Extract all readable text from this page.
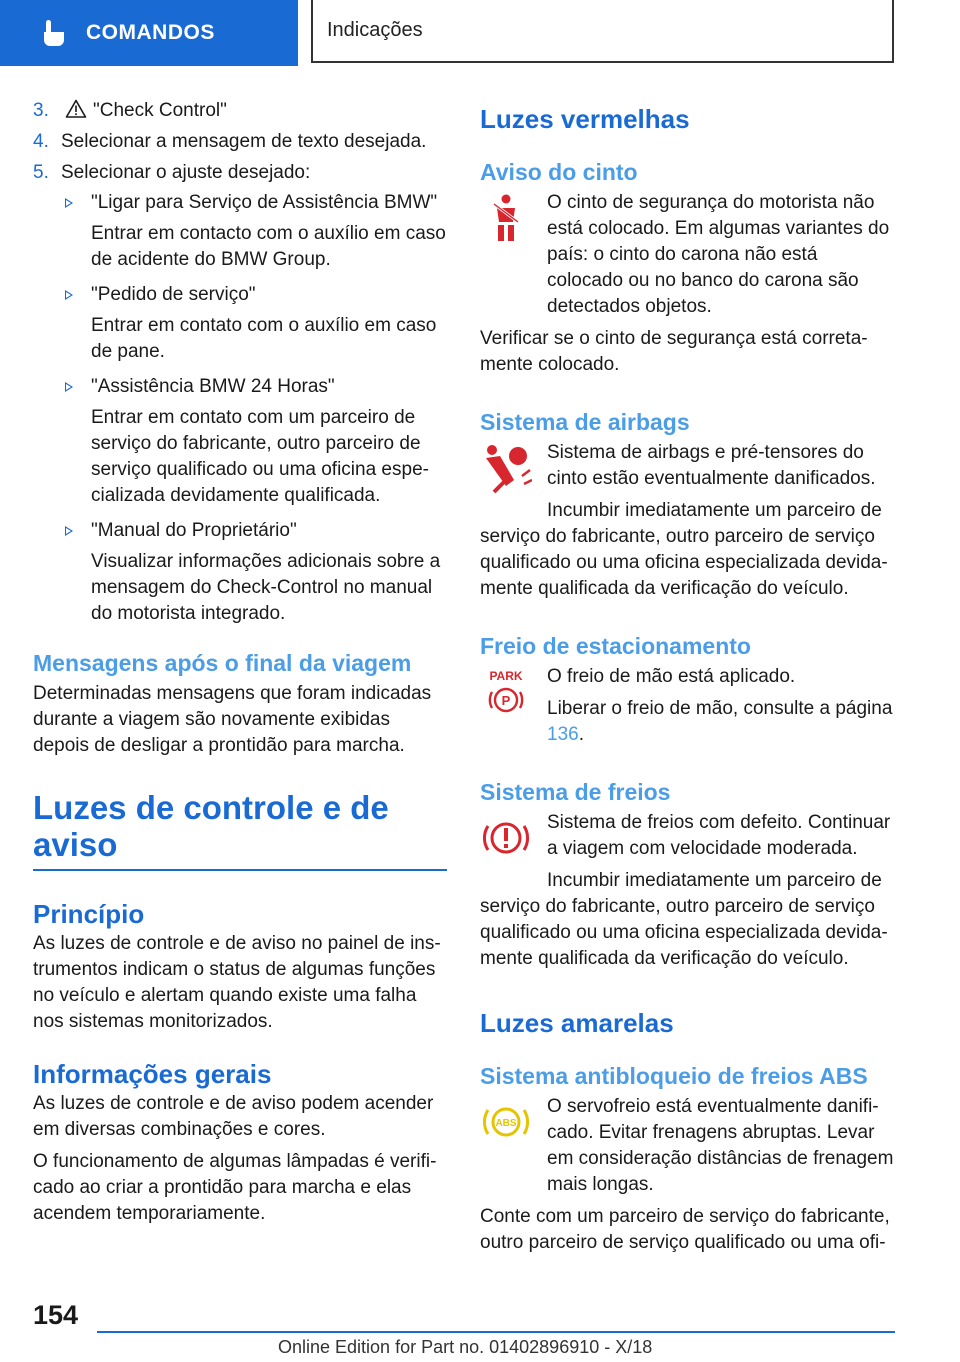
COMANDOS	Indicações
3. "Check Control"
4. Selecionar a mensagem de texto desejada.
5. Selecionar o ajuste desejado:
"Ligar para Serviço de Assistência BMW"
Entrar em contacto com o auxílio em caso de acidente do BMW Group.
"Pedido de serviço"
Entrar em contato com o auxílio em caso de pane.
"Assistência BMW 24 Horas"
Entrar em contato com um parceiro de serviço do fabricante, outro parceiro de serviço qualificado ou uma oficina espe-cializada devidamente qualificada.
"Manual do Proprietário"
Visualizar informações adicionais sobre a mensagem do Check-Control no manual do motorista integrado.
Mensagens após o final da viagem

Determinadas mensagens que foram indicadas durante a viagem são novamente exibidas depois de desligar a prontidão para marcha.

Luzes de controle e de aviso
Princípio

As luzes de controle e de aviso no painel de ins-trumentos indicam o status de algumas funções no veículo e alertam quando existe uma falha nos sistemas monitorizados.

Informações gerais

As luzes de controle e de aviso podem acender em diversas combinações e cores.

O funcionamento de algumas lâmpadas é verifi-cado ao criar a prontidão para marcha e elas acendem temporariamente.

Luzes vermelhas
Aviso do cinto

O cinto de segurança do motorista não está colocado. Em algumas variantes do país: o cinto do carona não está colocado ou no banco do carona são detectados objetos.

Verificar se o cinto de segurança está correta-mente colocado.

Sistema de airbags

Sistema de airbags e pré-tensores do cinto estão eventualmente danificados.

Incumbir imediatamente um parceiro de serviço do fabricante, outro parceiro de serviço qualificado ou uma oficina especializada devida-mente qualificada da verificação do veículo.

Freio de estacionamento
PARK
P

O freio de mão está aplicado.

Liberar o freio de mão, consulte a página 136.

Sistema de freios

Sistema de freios com defeito. Continuar a viagem com velocidade moderada.

Incumbir imediatamente um parceiro de serviço do fabricante, outro parceiro de serviço qualificado ou uma oficina especializada devida-mente qualificada da verificação do veículo.

Luzes amarelas
Sistema antibloqueio de freios ABS
ABS

O servofreio está eventualmente danifi-cado. Evitar frenagens abruptas. Levar em consideração distâncias de frenagem mais longas.

Conte com um parceiro de serviço do fabricante, outro parceiro de serviço qualificado ou uma ofi-

154
Online Edition for Part no. 01402896910 - X/18
